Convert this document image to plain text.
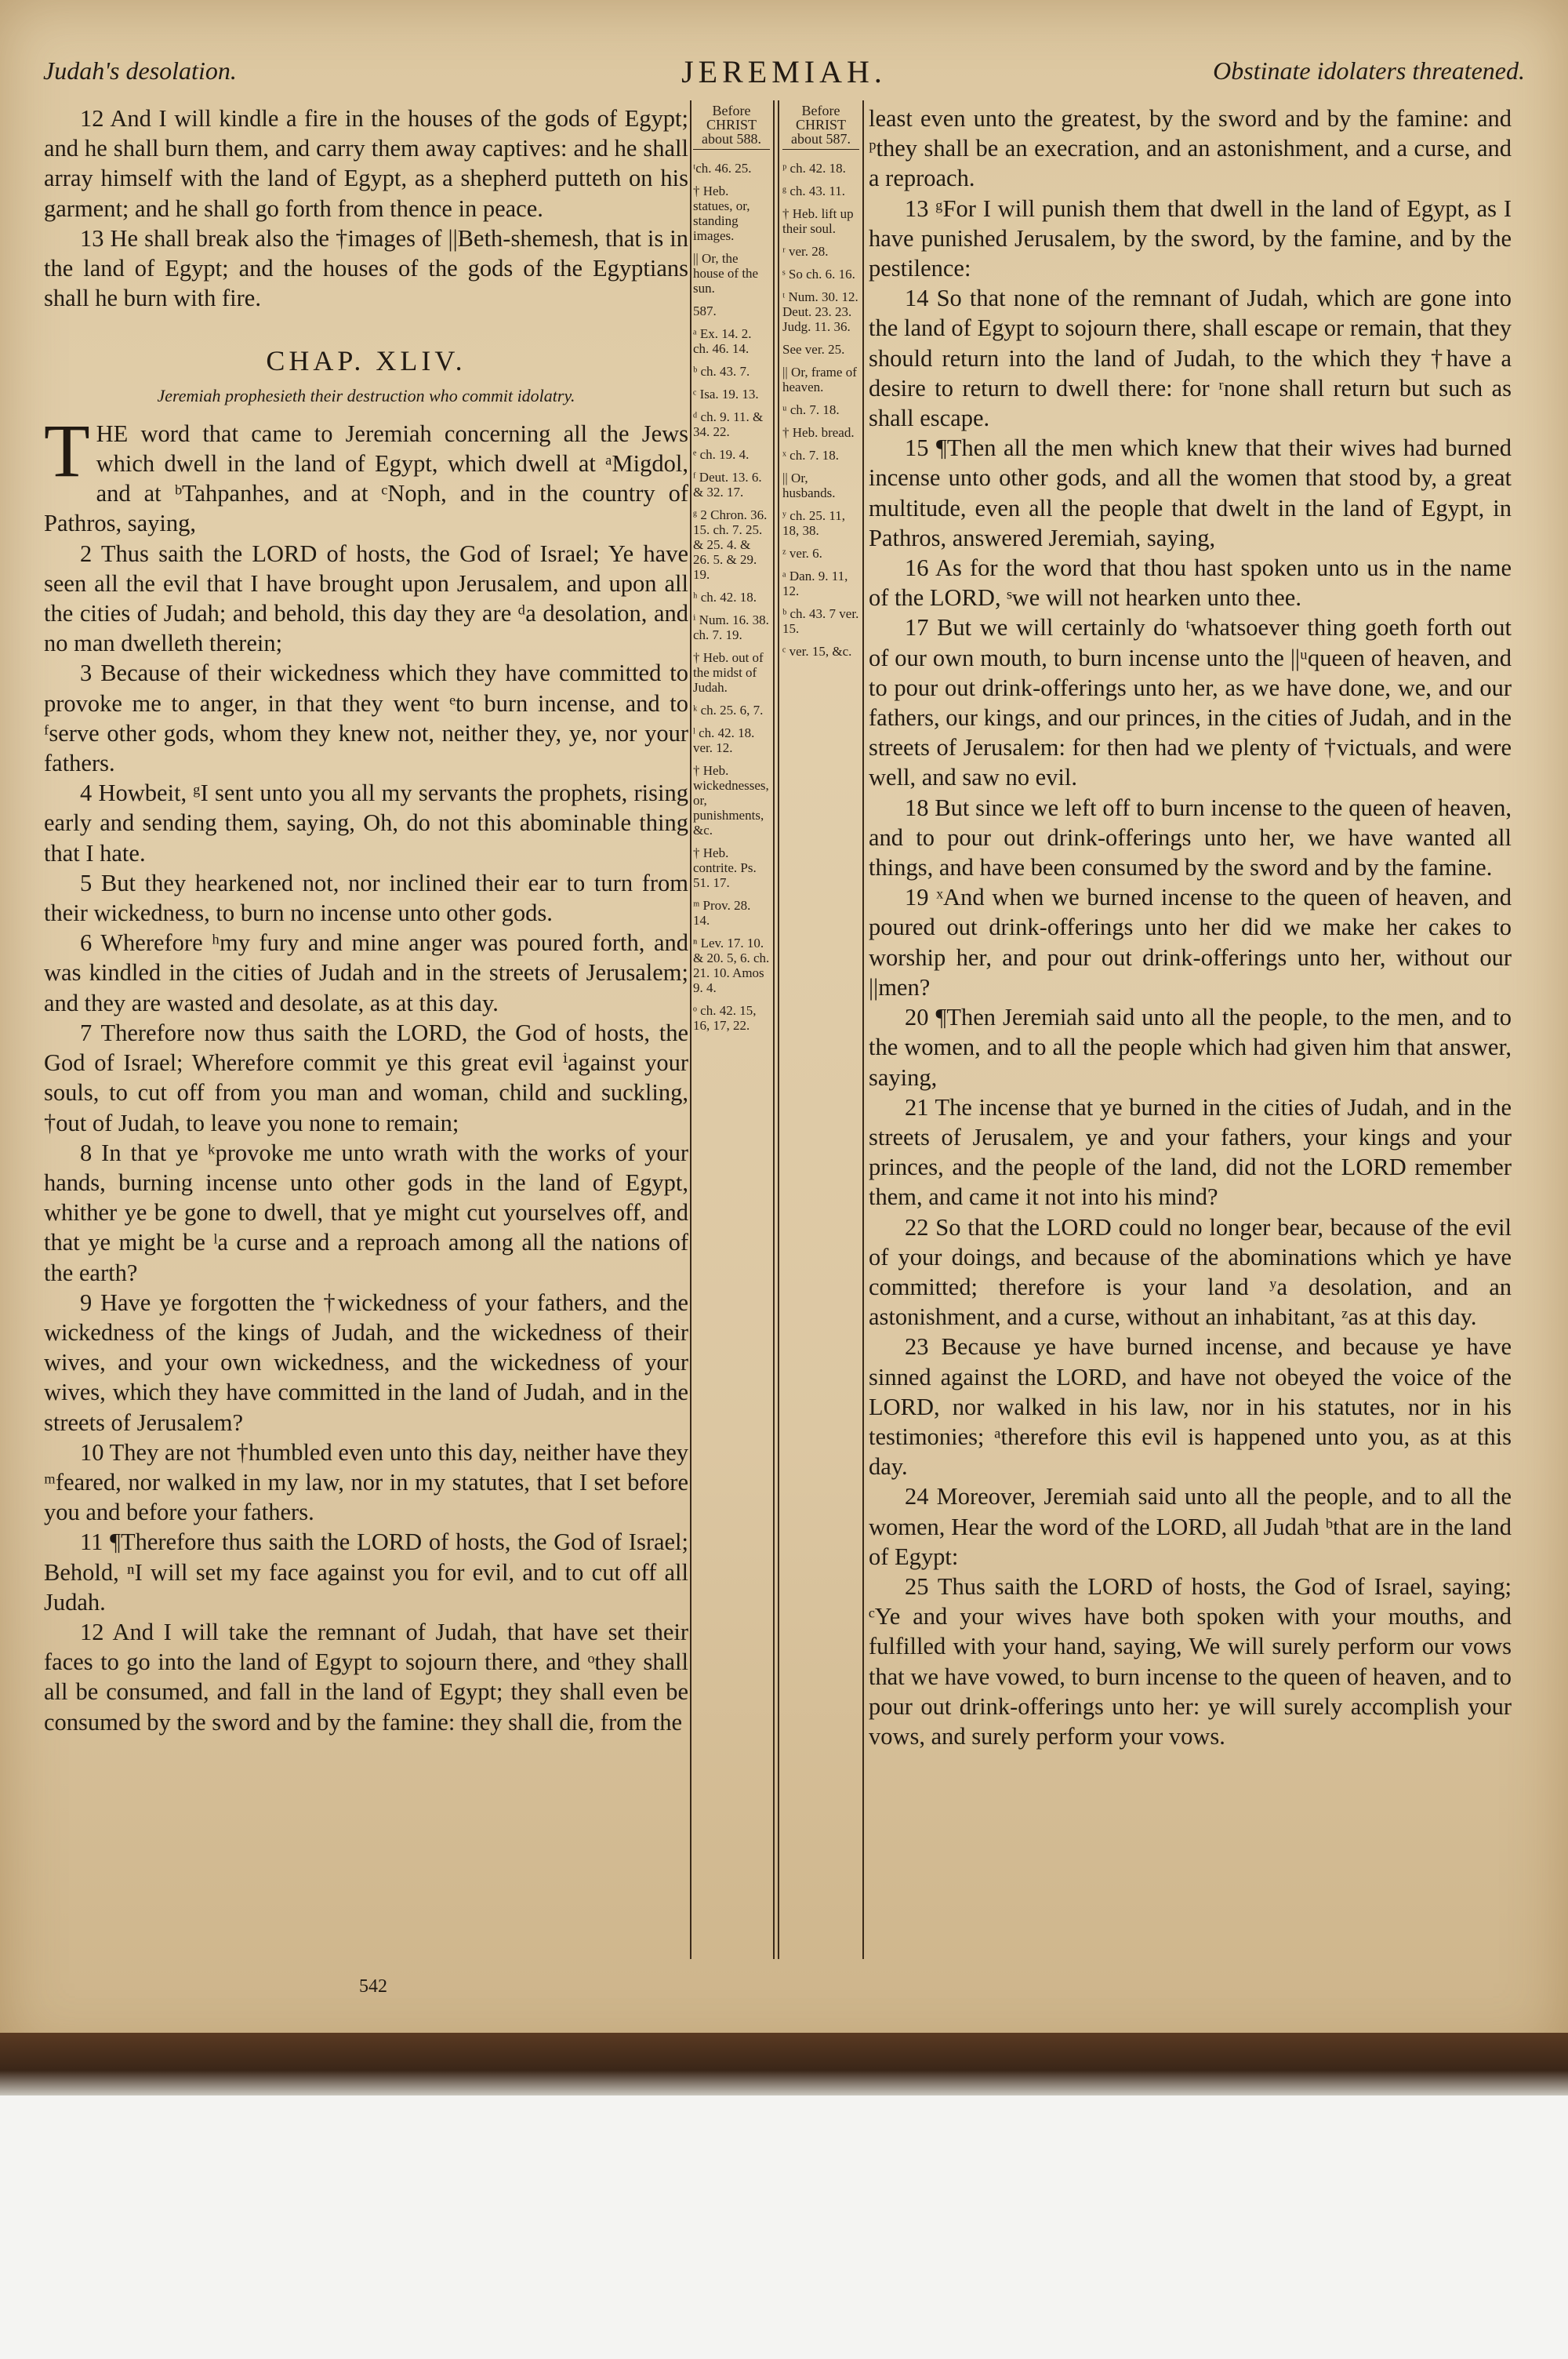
Judah's desolation.	JEREMIAH.	Obstinate idolaters threatened.

12 And I will kindle a fire in the houses of the gods of Egypt; and he shall burn them, and carry them away captives: and he shall array himself with the land of Egypt, as a shepherd putteth on his garment; and he shall go forth from thence in peace.

13 He shall break also the †images of ||Beth-shemesh, that is in the land of Egypt; and the houses of the gods of the Egyptians shall he burn with fire.

CHAP. XLIV.
Jeremiah prophesieth their destruction who commit idolatry.

THE word that came to Jeremiah concerning all the Jews which dwell in the land of Egypt, which dwell at ᵃMigdol, and at ᵇTahpanhes, and at ᶜNoph, and in the country of Pathros, saying,

2 Thus saith the LORD of hosts, the God of Israel; Ye have seen all the evil that I have brought upon Jerusalem, and upon all the cities of Judah; and behold, this day they are ᵈa desolation, and no man dwelleth therein;

3 Because of their wickedness which they have committed to provoke me to anger, in that they went ᵉto burn incense, and to ᶠserve other gods, whom they knew not, neither they, ye, nor your fathers.

4 Howbeit, ᵍI sent unto you all my servants the prophets, rising early and sending them, saying, Oh, do not this abominable thing that I hate.

5 But they hearkened not, nor inclined their ear to turn from their wickedness, to burn no incense unto other gods.

6 Wherefore ʰmy fury and mine anger was poured forth, and was kindled in the cities of Judah and in the streets of Jerusalem; and they are wasted and desolate, as at this day.

7 Therefore now thus saith the LORD, the God of hosts, the God of Israel; Wherefore commit ye this great evil ⁱagainst your souls, to cut off from you man and woman, child and suckling, †out of Judah, to leave you none to remain;

8 In that ye ᵏprovoke me unto wrath with the works of your hands, burning incense unto other gods in the land of Egypt, whither ye be gone to dwell, that ye might cut yourselves off, and that ye might be ˡa curse and a reproach among all the nations of the earth?

9 Have ye forgotten the †wickedness of your fathers, and the wickedness of the kings of Judah, and the wickedness of their wives, and your own wickedness, and the wickedness of your wives, which they have committed in the land of Judah, and in the streets of Jerusalem?

10 They are not †humbled even unto this day, neither have they ᵐfeared, nor walked in my law, nor in my statutes, that I set before you and before your fathers.

11 ¶Therefore thus saith the LORD of hosts, the God of Israel; Behold, ⁿI will set my face against you for evil, and to cut off all Judah.

12 And I will take the remnant of Judah, that have set their faces to go into the land of Egypt to sojourn there, and ᵒthey shall all be consumed, and fall in the land of Egypt; they shall even be consumed by the sword and by the famine: they shall die, from the

Before CHRIST about 588.
ᵗch. 46. 25.
† Heb. statues, or, standing images.
|| Or, the house of the sun.
587.
ᵃ Ex. 14. 2. ch. 46. 14.
ᵇ ch. 43. 7.
ᶜ Isa. 19. 13.
ᵈ ch. 9. 11. & 34. 22.
ᵉ ch. 19. 4.
ᶠ Deut. 13. 6. & 32. 17.
ᵍ 2 Chron. 36. 15. ch. 7. 25. & 25. 4. & 26. 5. & 29. 19.
ʰ ch. 42. 18.
ⁱ Num. 16. 38. ch. 7. 19.
† Heb. out of the midst of Judah.
ᵏ ch. 25. 6, 7.
ˡ ch. 42. 18. ver. 12.
† Heb. wickednesses, or, punishments, &c.
† Heb. contrite. Ps. 51. 17.
ᵐ Prov. 28. 14.
ⁿ Lev. 17. 10. & 20. 5, 6. ch. 21. 10. Amos 9. 4.
ᵒ ch. 42. 15, 16, 17, 22.
Before CHRIST about 587.
ᵖ ch. 42. 18.
ᵍ ch. 43. 11.
† Heb. lift up their soul.
ʳ ver. 28.
ˢ So ch. 6. 16.
ᵗ Num. 30. 12. Deut. 23. 23. Judg. 11. 36.
See ver. 25.
|| Or, frame of heaven.
ᵘ ch. 7. 18.
† Heb. bread.
ˣ ch. 7. 18.
|| Or, husbands.
ʸ ch. 25. 11, 18, 38.
ᶻ ver. 6.
ᵃ Dan. 9. 11, 12.
ᵇ ch. 43. 7 ver. 15.
ᶜ ver. 15, &c.

least even unto the greatest, by the sword and by the famine: and ᵖthey shall be an execration, and an astonishment, and a curse, and a reproach.

13 ᵍFor I will punish them that dwell in the land of Egypt, as I have punished Jerusalem, by the sword, by the famine, and by the pestilence:

14 So that none of the remnant of Judah, which are gone into the land of Egypt to sojourn there, shall escape or remain, that they should return into the land of Judah, to the which they †have a desire to return to dwell there: for ʳnone shall return but such as shall escape.

15 ¶Then all the men which knew that their wives had burned incense unto other gods, and all the women that stood by, a great multitude, even all the people that dwelt in the land of Egypt, in Pathros, answered Jeremiah, saying,

16 As for the word that thou hast spoken unto us in the name of the LORD, ˢwe will not hearken unto thee.

17 But we will certainly do ᵗwhatsoever thing goeth forth out of our own mouth, to burn incense unto the ||ᵘqueen of heaven, and to pour out drink-offerings unto her, as we have done, we, and our fathers, our kings, and our princes, in the cities of Judah, and in the streets of Jerusalem: for then had we plenty of †victuals, and were well, and saw no evil.

18 But since we left off to burn incense to the queen of heaven, and to pour out drink-offerings unto her, we have wanted all things, and have been consumed by the sword and by the famine.

19 ˣAnd when we burned incense to the queen of heaven, and poured out drink-offerings unto her did we make her cakes to worship her, and pour out drink-offerings unto her, without our ||men?

20 ¶Then Jeremiah said unto all the people, to the men, and to the women, and to all the people which had given him that answer, saying,

21 The incense that ye burned in the cities of Judah, and in the streets of Jerusalem, ye and your fathers, your kings and your princes, and the people of the land, did not the LORD remember them, and came it not into his mind?

22 So that the LORD could no longer bear, because of the evil of your doings, and because of the abominations which ye have committed; therefore is your land ʸa desolation, and an astonishment, and a curse, without an inhabitant, ᶻas at this day.

23 Because ye have burned incense, and because ye have sinned against the LORD, and have not obeyed the voice of the LORD, nor walked in his law, nor in his statutes, nor in his testimonies; ᵃtherefore this evil is happened unto you, as at this day.

24 Moreover, Jeremiah said unto all the people, and to all the women, Hear the word of the LORD, all Judah ᵇthat are in the land of Egypt:

25 Thus saith the LORD of hosts, the God of Israel, saying; ᶜYe and your wives have both spoken with your mouths, and fulfilled with your hand, saying, We will surely perform our vows that we have vowed, to burn incense to the queen of heaven, and to pour out drink-offerings unto her: ye will surely accomplish your vows, and surely perform your vows.

542
